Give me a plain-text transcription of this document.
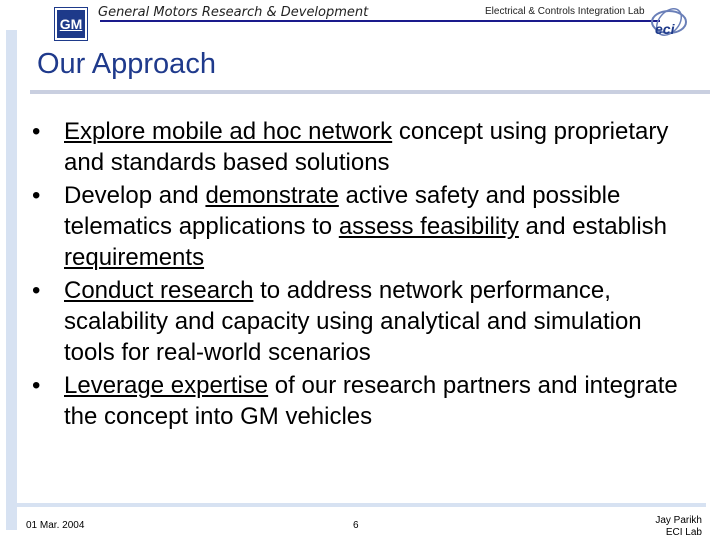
GM
General Motors Research & Development	Electrical & Controls Integration Lab
eci
Our Approach
• Explore mobile ad hoc network concept using proprietary and standards based solutions
• Develop and demonstrate active safety and possible telematics applications to assess feasibility and establish requirements
• Conduct research to address network performance, scalability and capacity using analytical and simulation tools for real-world scenarios
• Leverage expertise of our research partners and integrate the concept into GM vehicles
01 Mar. 2004	6	Jay Parikh
ECI Lab
